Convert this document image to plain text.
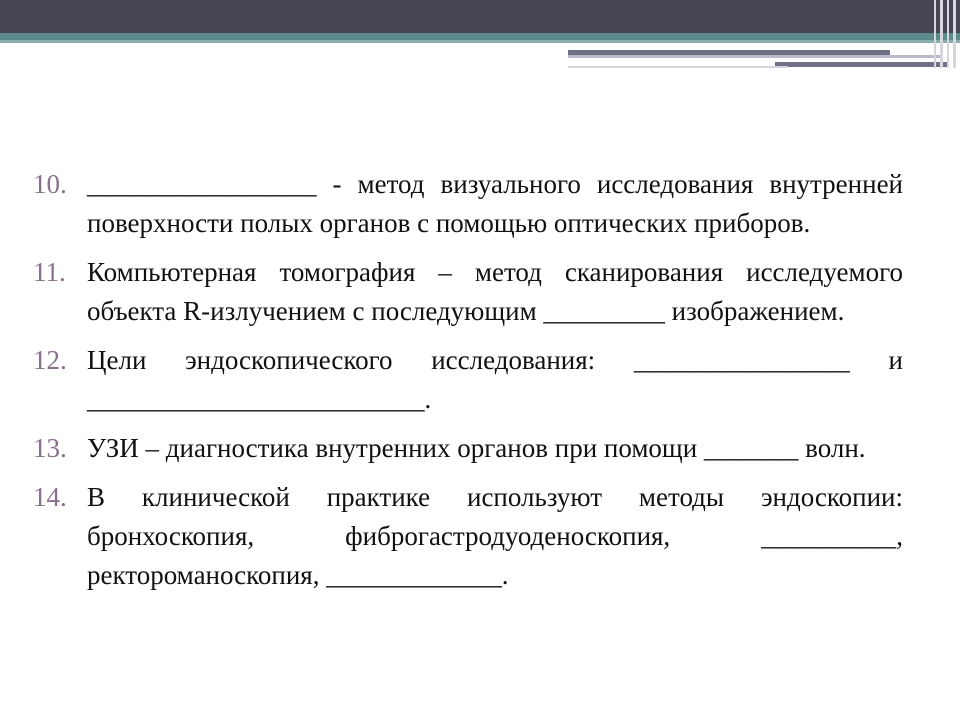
10. _________________ - метод визуального исследования внутренней поверхности полых органов с помощью оптических приборов.
11. Компьютерная томография – метод сканирования исследуемого объекта R-излучением с последующим _________ изображением.
12. Цели эндоскопического исследования: ________________ и _________________________.
13. УЗИ – диагностика внутренних органов при помощи _______ волн.
14. В клинической практике используют методы эндоскопии: бронхоскопия, фиброгастродуоденоскопия, __________, ректороманоскопия, _____________.
